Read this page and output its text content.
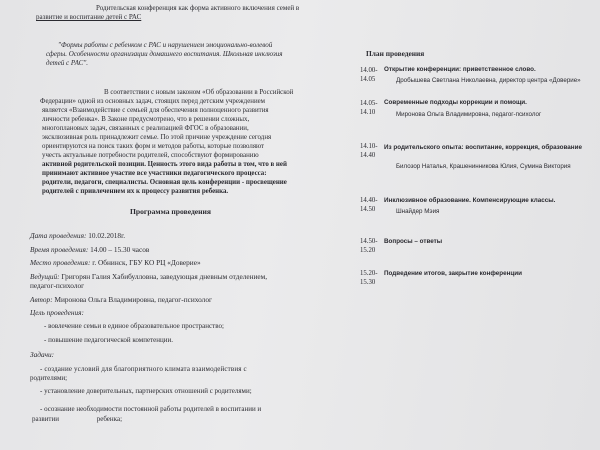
Родительская конференция как форма активного включения семей в
развитие и воспитание детей с РАС
"Формы работы с ребенком с РАС и нарушением эмоционально-волевой
сферы. Особенности организации домашнего воспитания. Школьная инклюзия
детей с РАС".
В соответствии с новым законом «Об образовании в Российской
Федерации» одной из основных задач, стоящих перед детским учреждением
является «Взаимодействие с семьей для обеспечения полноценного развития
личности ребенка». В Законе предусмотрено, что в решении сложных,
многоплановых задач, связанных с реализацией ФГОС в образовании,
эксклюзивная роль принадлежит семье. По этой причине учреждение сегодня
ориентируются на поиск таких форм и методов работы, которые позволяют
учесть актуальные потребности родителей, способствуют формированию
активной родительской позиции. Ценность этого вида работы в том, что в ней
принимают активное участие все участники педагогического процесса:
родители, педагоги, специалисты. Основная цель конференции - просвещение
родителей с привлечением их к процессу развития ребенка.
Программа проведения
Дата проведения: 10.02.2018г.
Время проведения: 14.00 – 15.30 часов
Место проведения: г. Обнинск, ГБУ КО РЦ «Доверие»
Ведущий: Григорян Галия Хабибулловна, заведующая дневным отделением,
педагог-психолог
Автор: Миронова Ольга Владимировна, педагог-психолог
Цель проведения:
- вовлечение семьи в единое образовательное пространство;
- повышение педагогической компетенции.
Задачи:
- создание условий для благоприятного климата взаимодействия с
родителями;
- установление доверительных, партнерских отношений с родителями;
- осознание необходимости постоянной работы родителей в воспитании и
развитии	ребенка;
План проведения
14.00-
14.05
Открытие конференции: приветственное слово.
Дробышева Светлана Николаевна, директор центра «Доверие»
14.05-
14.10
Современные подходы коррекции и помощи.
Миронова Ольга Владимировна, педагог-психолог
14.10-
14.40
Из родительского опыта: воспитание, коррекция, образование
Билозор Наталья, Крашенинникова Юлия, Сумина Виктория
14.40-
14.50
Инклюзивное образование. Компенсирующие классы.
Шнайдер Мэия
14.50-
15.20
Вопросы – ответы
15.20-
15.30
Подведение итогов, закрытие конференции
